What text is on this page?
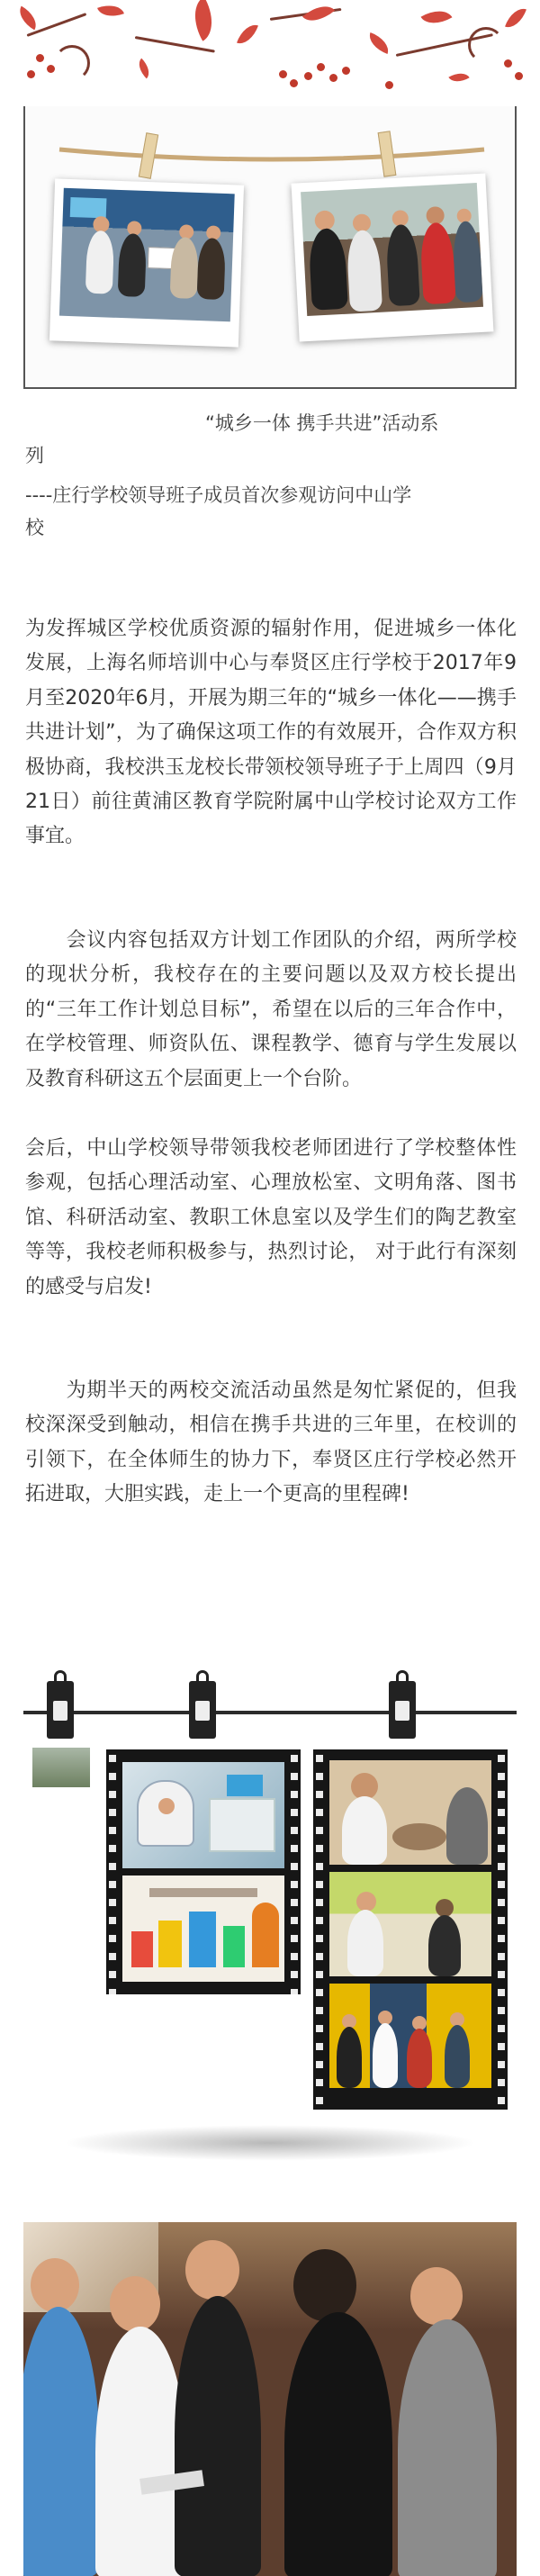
“城乡一体 携手共进”活动系
列
----庄行学校领导班子成员首次参观访问中山学
校

为发挥城区学校优质资源的辐射作用，促进城乡一体化发展，上海名师培训中心与奉贤区庄行学校于2017年9月至2020年6月，开展为期三年的“城乡一体化——携手共进计划”，为了确保这项工作的有效展开，合作双方积极协商，我校洪玉龙校长带领校领导班子于上周四（9月21日）前往黄浦区教育学院附属中山学校讨论双方工作事宜。

　　会议内容包括双方计划工作团队的介绍，两所学校的现状分析，我校存在的主要问题以及双方校长提出的“三年工作计划总目标”，希望在以后的三年合作中，在学校管理、师资队伍、课程教学、德育与学生发展以及教育科研这五个层面更上一个台阶。

会后，中山学校领导带领我校老师团进行了学校整体性参观，包括心理活动室、心理放松室、文明角落、图书馆、科研活动室、教职工休息室以及学生们的陶艺教室等等，我校老师积极参与，热烈讨论， 对于此行有深刻的感受与启发!

　　为期半天的两校交流活动虽然是匆忙紧促的，但我校深深受到触动，相信在携手共进的三年里，在校训的引领下，在全体师生的协力下，奉贤区庄行学校必然开拓进取，大胆实践，走上一个更高的里程碑!
